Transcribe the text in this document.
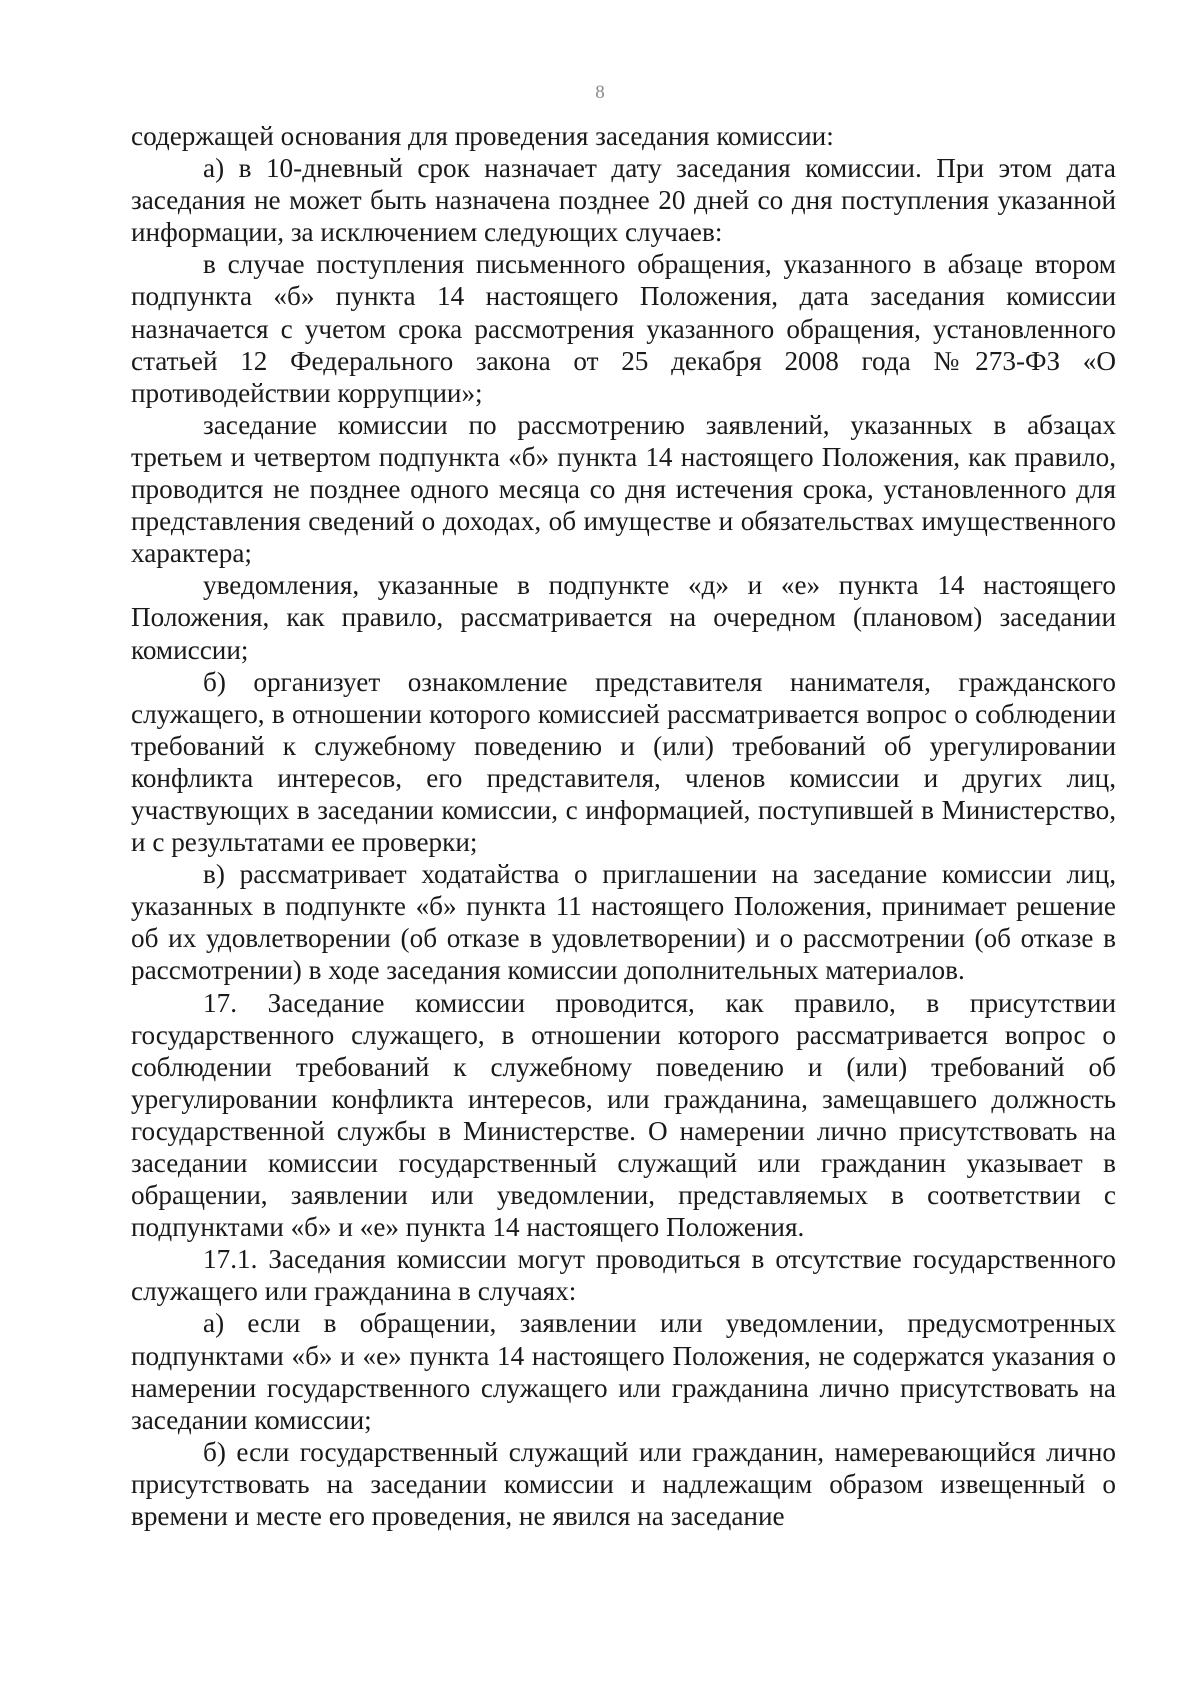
8

содержащей основания для проведения заседания комиссии:

а) в 10-дневный срок назначает дату заседания комиссии. При этом дата заседания не может быть назначена позднее 20 дней со дня поступления указанной информации, за исключением следующих случаев:

в случае поступления письменного обращения, указанного в абзаце втором подпункта «б» пункта 14 настоящего Положения, дата заседания комиссии назначается с учетом срока рассмотрения указанного обращения, установленного статьей 12 Федерального закона от 25 декабря 2008 года №273-ФЗ «О противодействии коррупции»;

заседание комиссии по рассмотрению заявлений, указанных в абзацах третьем и четвертом подпункта «б» пункта 14 настоящего Положения, как правило, проводится не позднее одного месяца со дня истечения срока, установленного для представления сведений о доходах, об имуществе и обязательствах имущественного характера;

уведомления, указанные в подпункте «д» и «е» пункта 14 настоящего Положения, как правило, рассматривается на очередном (плановом) заседании комиссии;

б) организует ознакомление представителя нанимателя, гражданского служащего, в отношении которого комиссией рассматривается вопрос о соблюдении требований к служебному поведению и (или) требований об урегулировании конфликта интересов, его представителя, членов комиссии и других лиц, участвующих в заседании комиссии, с информацией, поступившей в Министерство, и с результатами ее проверки;

в) рассматривает ходатайства о приглашении на заседание комиссии лиц, указанных в подпункте «б» пункта 11 настоящего Положения, принимает решение об их удовлетворении (об отказе в удовлетворении) и о рассмотрении (об отказе в рассмотрении) в ходе заседания комиссии дополнительных материалов.

17. Заседание комиссии проводится, как правило, в присутствии государственного служащего, в отношении которого рассматривается вопрос о соблюдении требований к служебному поведению и (или) требований об урегулировании конфликта интересов, или гражданина, замещавшего должность государственной службы в Министерстве. О намерении лично присутствовать на заседании комиссии государственный служащий или гражданин указывает в обращении, заявлении или уведомлении, представляемых в соответствии с подпунктами «б» и «е» пункта 14 настоящего Положения.

17.1. Заседания комиссии могут проводиться в отсутствие государственного служащего или гражданина в случаях:

а) если в обращении, заявлении или уведомлении, предусмотренных подпунктами «б» и «е» пункта 14 настоящего Положения, не содержатся указания о намерении государственного служащего или гражданина лично присутствовать на заседании комиссии;

б) если государственный служащий или гражданин, намеревающийся лично присутствовать на заседании комиссии и надлежащим образом извещенный о времени и месте его проведения, не явился на заседание
